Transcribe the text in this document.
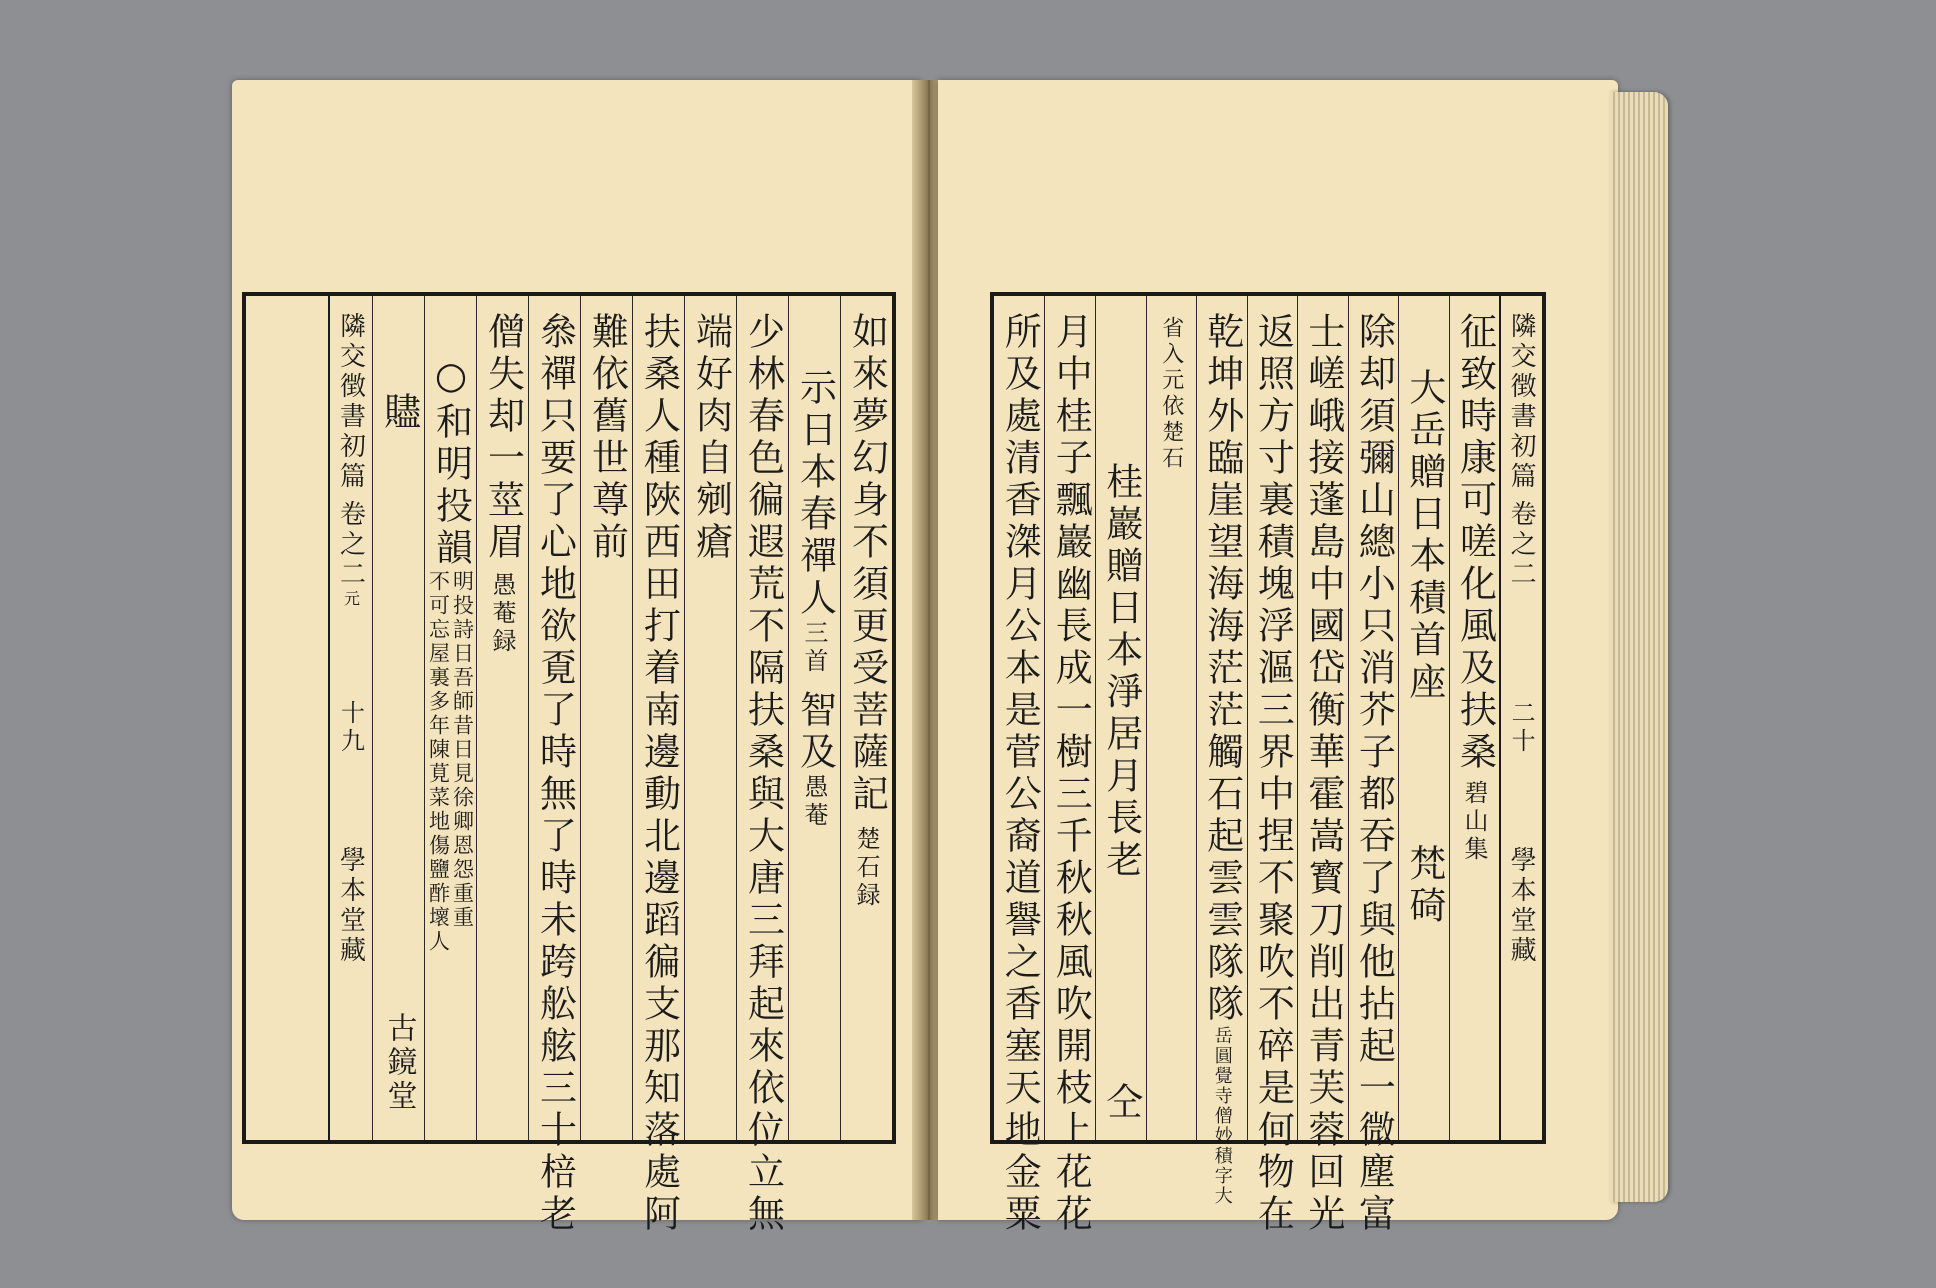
如來夢幻身不須更受菩薩記
楚石録
示日本春禪人
三首
智及
愚菴
少林春色徧遐荒不隔扶桑與大唐三拜起來依位立無
端好肉自剜瘡
扶桑人種陜西田打着南邊動北邊蹈徧支那知落處阿
難依舊世尊前
叅禪只要了心地欲覔了時無了時未跨舩舷三十棓老
僧失却一莖眉
愚菴録
○和明投韻
明投詩日吾師昔日見徐卿恩怨重重
不可忘屋裏多年陳莧菜地傷鹽酢壞人
贐
古鏡堂
隣交徴書初篇
卷之二
元
十九
學本堂藏
隣交徴書初篇
卷之二
二十
學本堂藏
征致時康可嗟化風及扶桑
碧山集
大岳贈日本積首座
梵碕
除却須彌山總小只消芥子都吞了與他拈起一微塵富
士嵯峨接蓬島中國岱衡華霍嵩寳刀削出青芙蓉回光
返照方寸裏積塊浮漚三界中捏不聚吹不碎是何物在
乾坤外臨崖望海海茫茫觸石起雲雲隊隊
岳圓覺寺僧妙積字大
省入元依楚石
桂巖贈日本淨居月長老
仝
月中桂子飄巖幽長成一樹三千秋秋風吹開枝上花花
所及處清香滐月公本是菅公裔道譽之香塞天地金粟
